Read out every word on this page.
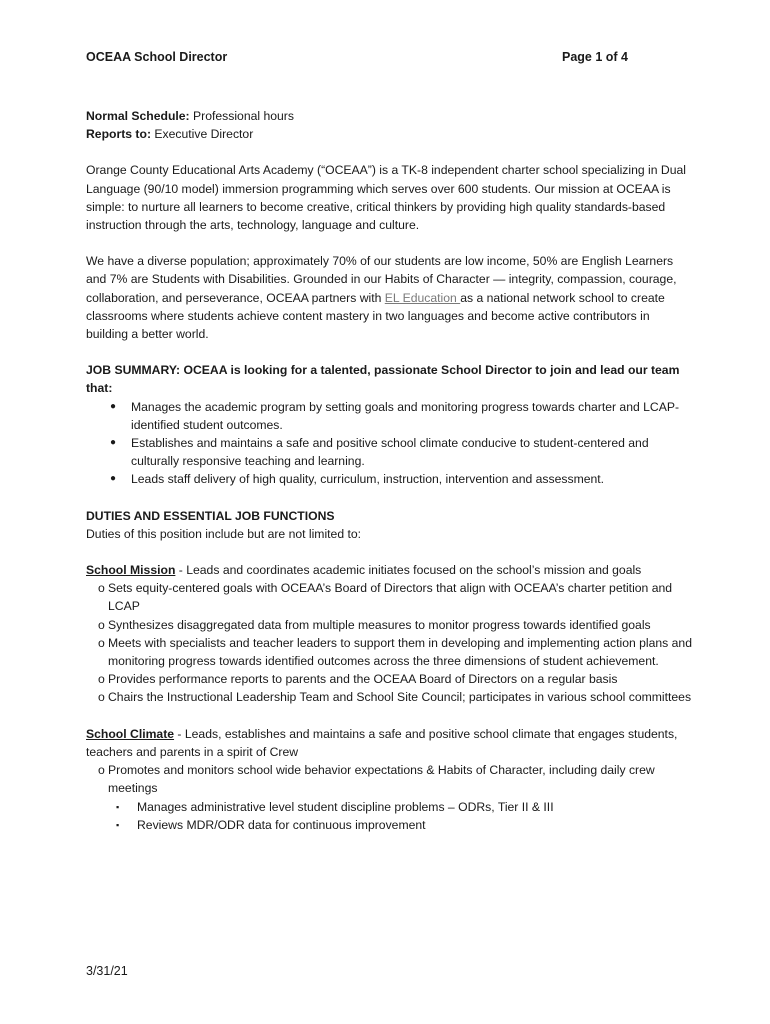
OCEAA School Director	Page 1 of 4

Normal Schedule: Professional hours

Reports to: Executive Director

Orange County Educational Arts Academy (“OCEAA”) is a TK-8 independent charter school specializing in Dual Language (90/10 model) immersion programming which serves over 600 students. Our mission at OCEAA is simple: to nurture all learners to become creative, critical thinkers by providing high quality standards-based instruction through the arts, technology, language and culture.

We have a diverse population; approximately 70% of our students are low income, 50% are English Learners and 7% are Students with Disabilities. Grounded in our Habits of Character — integrity, compassion, courage, collaboration, and perseverance, OCEAA partners with EL Education as a national network school to create classrooms where students achieve content mastery in two languages and become active contributors in building a better world.

JOB SUMMARY: OCEAA is looking for a talented, passionate School Director to join and lead our team that:

● Manages the academic program by setting goals and monitoring progress towards charter and LCAP-identified student outcomes.
● Establishes and maintains a safe and positive school climate conducive to student-centered and culturally responsive teaching and learning.
● Leads staff delivery of high quality, curriculum, instruction, intervention and assessment.

DUTIES AND ESSENTIAL JOB FUNCTIONS

Duties of this position include but are not limited to:

School Mission - Leads and coordinates academic initiates focused on the school’s mission and goals

o Sets equity-centered goals with OCEAA’s Board of Directors that align with OCEAA’s charter petition and LCAP
o Synthesizes disaggregated data from multiple measures to monitor progress towards identified goals
o Meets with specialists and teacher leaders to support them in developing and implementing action plans and monitoring progress towards identified outcomes across the three dimensions of student achievement.
o Provides performance reports to parents and the OCEAA Board of Directors on a regular basis
o Chairs the Instructional Leadership Team and School Site Council; participates in various school committees

School Climate - Leads, establishes and maintains a safe and positive school climate that engages students, teachers and parents in a spirit of Crew

o Promotes and monitors school wide behavior expectations & Habits of Character, including daily crew meetings
▪ Manages administrative level student discipline problems – ODRs, Tier II & III
▪ Reviews MDR/ODR data for continuous improvement
3/31/21
